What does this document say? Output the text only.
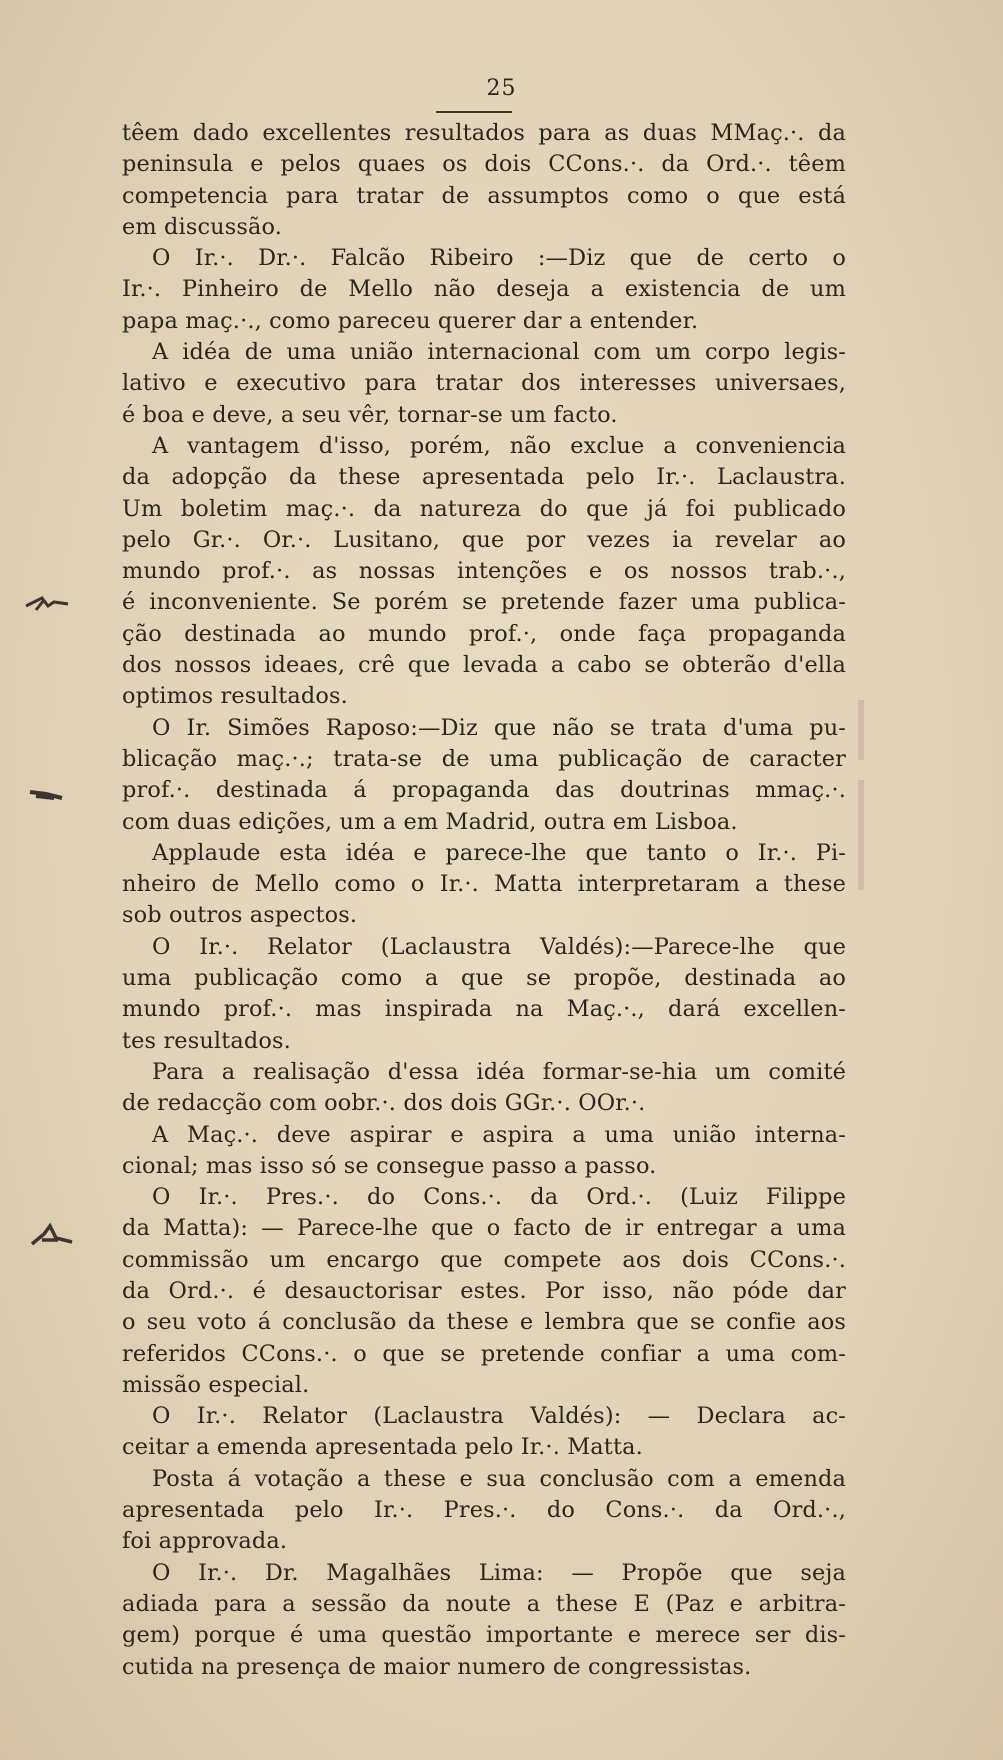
25
têem dado excellentes resultados para as duas MMaç.·. da
peninsula e pelos quaes os dois CCons.·. da Ord.·. têem
competencia para tratar de assumptos como o que está
em discussão.
O Ir.·. Dr.·. Falcão Ribeiro :—Diz que de certo o
Ir.·. Pinheiro de Mello não deseja a existencia de um
papa maç.·., como pareceu querer dar a entender.
A idéa de uma união internacional com um corpo legis-
lativo e executivo para tratar dos interesses universaes,
é boa e deve, a seu vêr, tornar-se um facto.
A vantagem d'isso, porém, não exclue a conveniencia
da adopção da these apresentada pelo Ir.·. Laclaustra.
Um boletim maç.·. da natureza do que já foi publicado
pelo Gr.·. Or.·. Lusitano, que por vezes ia revelar ao
mundo prof.·. as nossas intenções e os nossos trab.·.,
é inconveniente. Se porém se pretende fazer uma publica-
ção destinada ao mundo prof.·, onde faça propaganda
dos nossos ideaes, crê que levada a cabo se obterão d'ella
optimos resultados.
O Ir. Simões Raposo:—Diz que não se trata d'uma pu-
blicação maç.·.; trata-se de uma publicação de caracter
prof.·. destinada á propaganda das doutrinas mmaç.·.
com duas edições, um a em Madrid, outra em Lisboa.
Applaude esta idéa e parece-lhe que tanto o Ir.·. Pi-
nheiro de Mello como o Ir.·. Matta interpretaram a these
sob outros aspectos.
O Ir.·. Relator (Laclaustra Valdés):—Parece-lhe que
uma publicação como a que se propõe, destinada ao
mundo prof.·. mas inspirada na Maç.·., dará excellen-
tes resultados.
Para a realisação d'essa idéa formar-se-hia um comité
de redacção com oobr.·. dos dois GGr.·. OOr.·.
A Maç.·. deve aspirar e aspira a uma união interna-
cional; mas isso só se consegue passo a passo.
O Ir.·. Pres.·. do Cons.·. da Ord.·. (Luiz Filippe
da Matta): — Parece-lhe que o facto de ir entregar a uma
commissão um encargo que compete aos dois CCons.·.
da Ord.·. é desauctorisar estes. Por isso, não póde dar
o seu voto á conclusão da these e lembra que se confie aos
referidos CCons.·. o que se pretende confiar a uma com-
missão especial.
O Ir.·. Relator (Laclaustra Valdés): — Declara ac-
ceitar a emenda apresentada pelo Ir.·. Matta.
Posta á votação a these e sua conclusão com a emenda
apresentada pelo Ir.·. Pres.·. do Cons.·. da Ord.·.,
foi approvada.
O Ir.·. Dr. Magalhães Lima: — Propõe que seja
adiada para a sessão da noute a these E (Paz e arbitra-
gem) porque é uma questão importante e merece ser dis-
cutida na presença de maior numero de congressistas.
